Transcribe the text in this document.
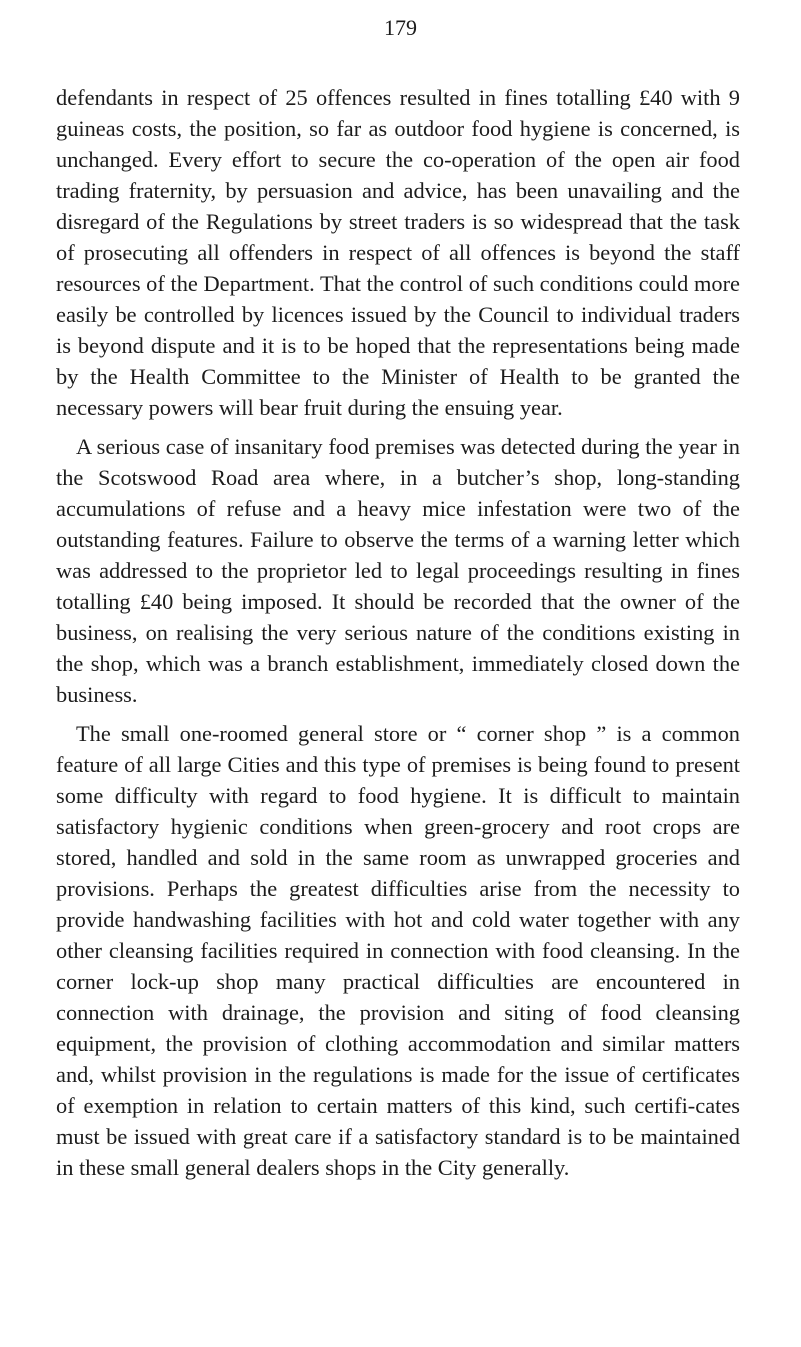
179

defendants in respect of 25 offences resulted in fines totalling £40 with 9 guineas costs, the position, so far as outdoor food hygiene is concerned, is unchanged. Every effort to secure the co-operation of the open air food trading fraternity, by persuasion and advice, has been unavailing and the disregard of the Regulations by street traders is so widespread that the task of prosecuting all offenders in respect of all offences is beyond the staff resources of the Department. That the control of such conditions could more easily be controlled by licences issued by the Council to individual traders is beyond dispute and it is to be hoped that the representations being made by the Health Committee to the Minister of Health to be granted the necessary powers will bear fruit during the ensuing year.

A serious case of insanitary food premises was detected during the year in the Scotswood Road area where, in a butcher’s shop, long-standing accumulations of refuse and a heavy mice infestation were two of the outstanding features. Failure to observe the terms of a warning letter which was addressed to the proprietor led to legal proceedings resulting in fines totalling £40 being imposed. It should be recorded that the owner of the business, on realising the very serious nature of the conditions existing in the shop, which was a branch establishment, immediately closed down the business.

The small one-roomed general store or “ corner shop ” is a common feature of all large Cities and this type of premises is being found to present some difficulty with regard to food hygiene. It is difficult to maintain satisfactory hygienic conditions when green-grocery and root crops are stored, handled and sold in the same room as unwrapped groceries and provisions. Perhaps the greatest difficulties arise from the necessity to provide handwashing facilities with hot and cold water together with any other cleansing facilities required in connection with food cleansing. In the corner lock-up shop many practical difficulties are encountered in connection with drainage, the provision and siting of food cleansing equipment, the provision of clothing accommodation and similar matters and, whilst provision in the regulations is made for the issue of certificates of exemption in relation to certain matters of this kind, such certifi-cates must be issued with great care if a satisfactory standard is to be maintained in these small general dealers shops in the City generally.
